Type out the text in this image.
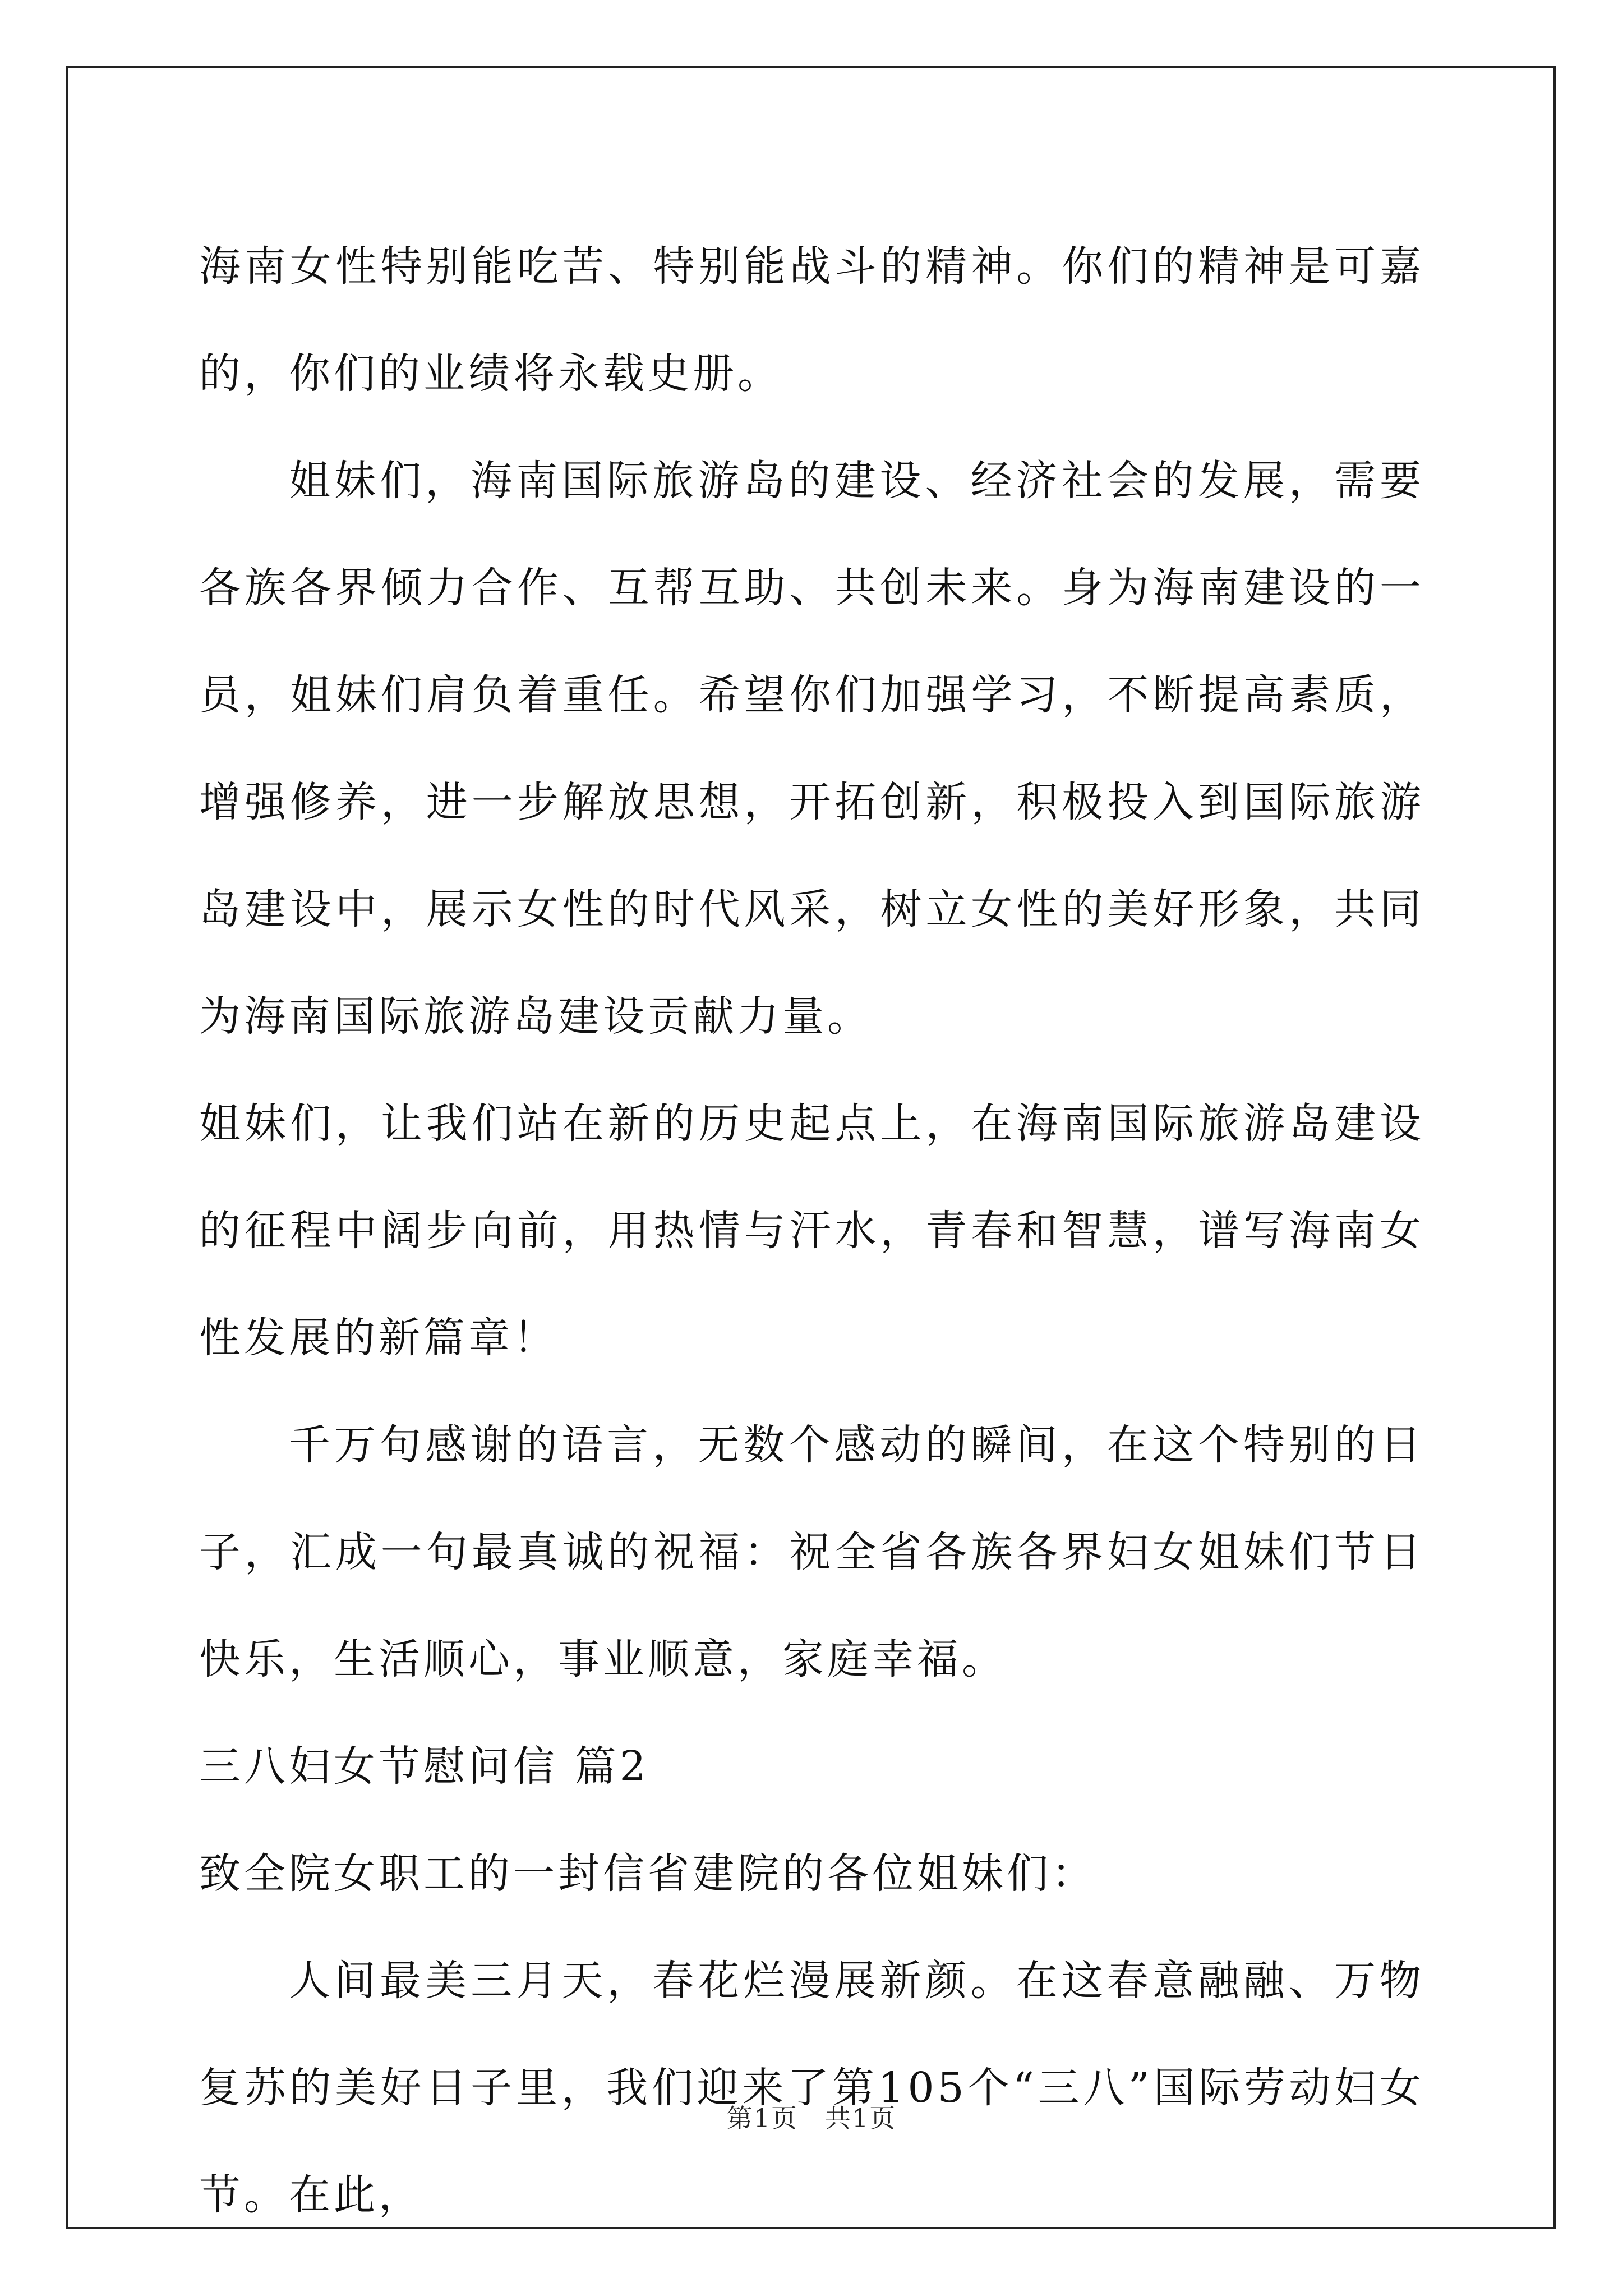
海南女性特别能吃苦、特别能战斗的精神。你们的精神是可嘉的，你们的业绩将永载史册。

姐妹们，海南国际旅游岛的建设、经济社会的发展，需要各族各界倾力合作、互帮互助、共创未来。身为海南建设的一员，姐妹们肩负着重任。希望你们加强学习，不断提高素质，增强修养，进一步解放思想，开拓创新，积极投入到国际旅游岛建设中，展示女性的时代风采，树立女性的美好形象，共同为海南国际旅游岛建设贡献力量。

姐妹们，让我们站在新的历史起点上，在海南国际旅游岛建设的征程中阔步向前，用热情与汗水，青春和智慧，谱写海南女性发展的新篇章！

千万句感谢的语言，无数个感动的瞬间，在这个特别的日子，汇成一句最真诚的祝福：祝全省各族各界妇女姐妹们节日快乐，生活顺心，事业顺意，家庭幸福。

三八妇女节慰问信 篇2

致全院女职工的一封信省建院的各位姐妹们：

人间最美三月天，春花烂漫展新颜。在这春意融融、万物复苏的美好日子里，我们迎来了第105个“三八”国际劳动妇女节。在此，

第1页　共1页
